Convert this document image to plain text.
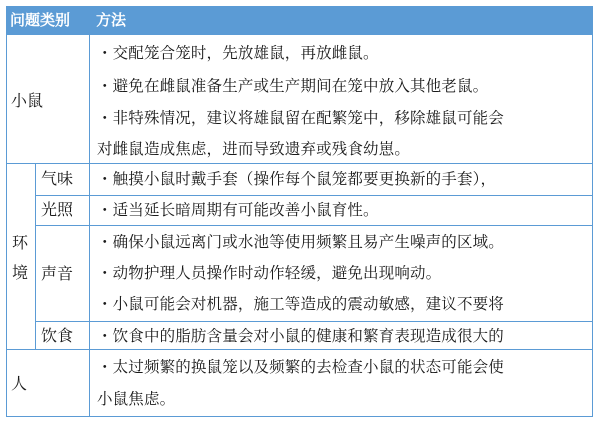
问题类别 方法
小鼠
・交配笼合笼时，先放雄鼠，再放雌鼠。
・避免在雌鼠准备生产或生产期间在笼中放入其他老鼠。
・非特殊情况，建议将雄鼠留在配繁笼中，移除雄鼠可能会
对雌鼠造成焦虑，进而导致遗弃或残食幼崽。
环
境
气味 ・触摸小鼠时戴手套（操作每个鼠笼都要更换新的手套），
光照 ・适当延长暗周期有可能改善小鼠育性。
声音
・确保小鼠远离门或水池等使用频繁且易产生噪声的区域。
・动物护理人员操作时动作轻缓，避免出现响动。
・小鼠可能会对机器，施工等造成的震动敏感，建议不要将
饮食 ・饮食中的脂肪含量会对小鼠的健康和繁育表现造成很大的
人
・太过频繁的换鼠笼以及频繁的去检查小鼠的状态可能会使
小鼠焦虑。
